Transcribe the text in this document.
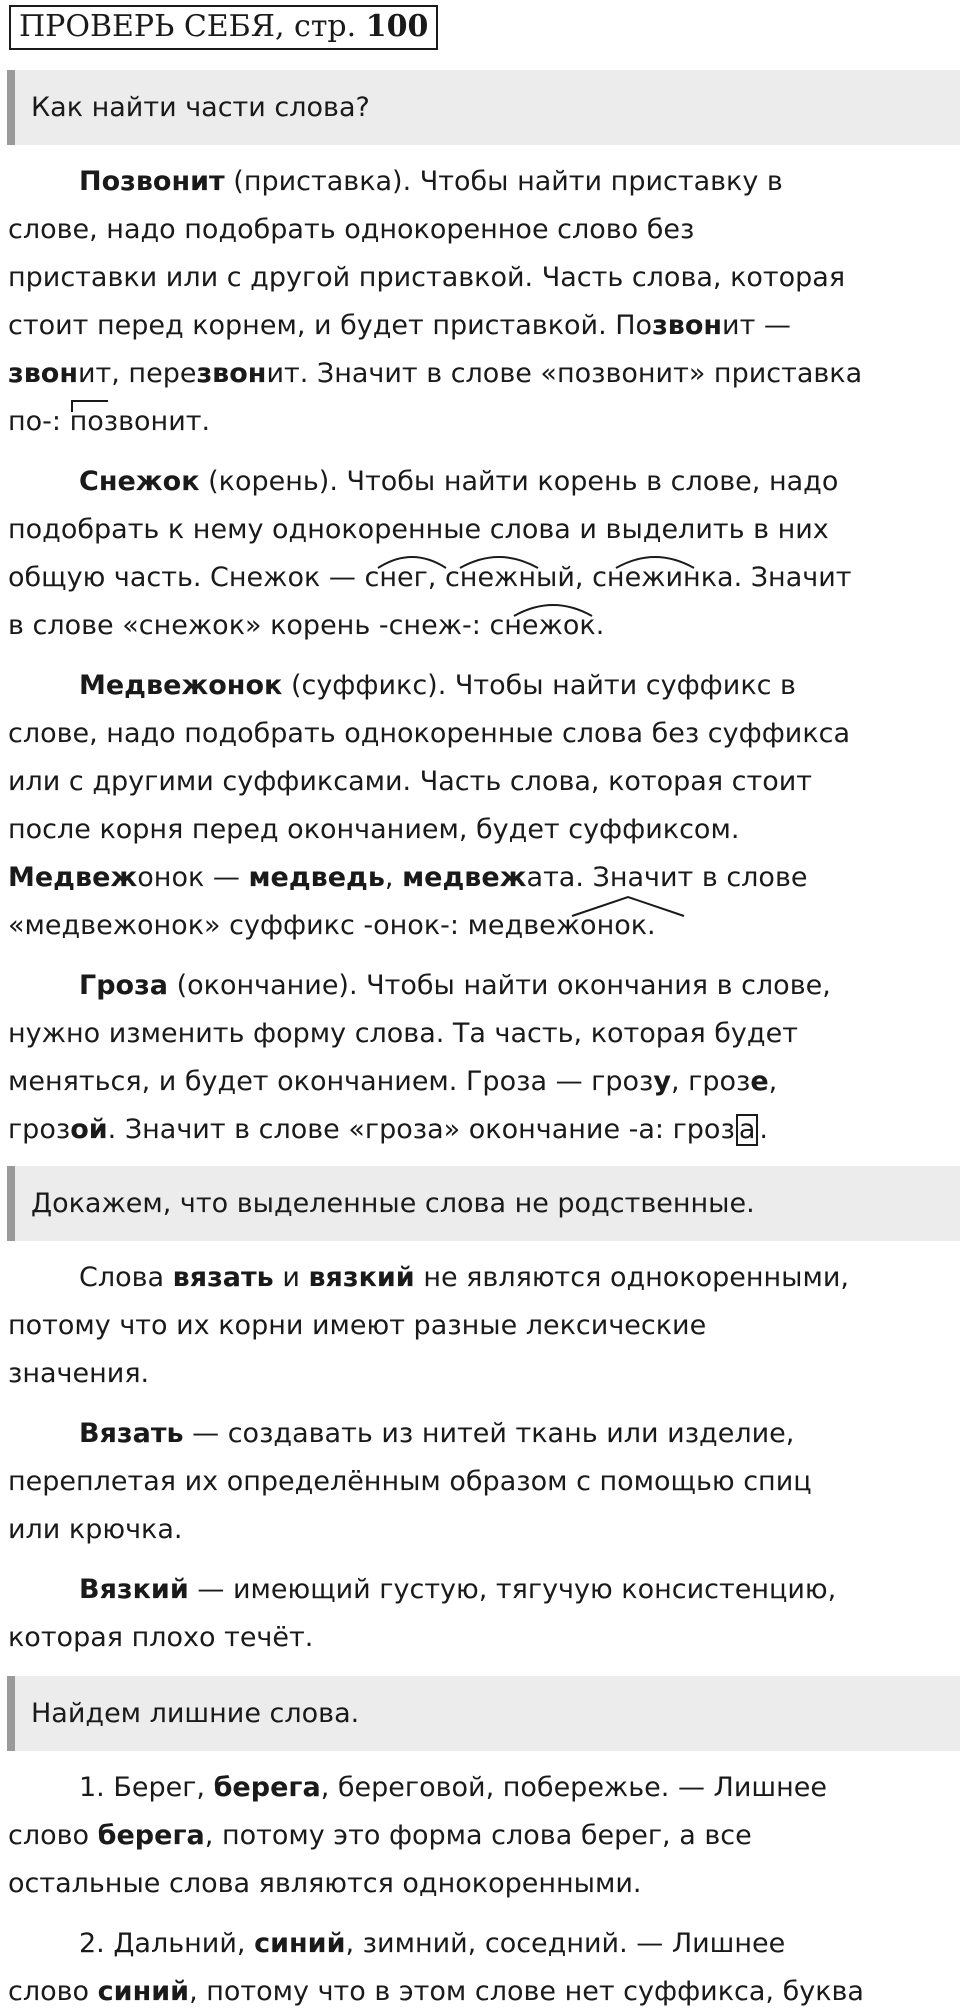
ПРОВЕРЬ СЕБЯ, стр. 100
Как найти части слова?

Позвонит (приставка). Чтобы найти приставку в

слове, надо подобрать однокоренное слово без

приставки или с другой приставкой. Часть слова, которая

стоит перед корнем, и будет приставкой. Позвонит —

звонит, перезвонит. Значит в слове «позвонит» приставка

по-: позвонит.

Снежок (корень). Чтобы найти корень в слове, надо

подобрать к нему однокоренные слова и выделить в них

общую часть. Снежок — снег, снежный, снежинка. Значит

в слове «снежок» корень -снеж-: снежок.

Медвежонок (суффикс). Чтобы найти суффикс в

слове, надо подобрать однокоренные слова без суффикса

или с другими суффиксами. Часть слова, которая стоит

после корня перед окончанием, будет суффиксом.

Медвежонок — медведь, медвежата. Значит в слове

«медвежонок» суффикс -онок-: медвежонок.

Гроза (окончание). Чтобы найти окончания в слове,

нужно изменить форму слова. Та часть, которая будет

меняться, и будет окончанием. Гроза — грозу, грозе,

грозой. Значит в слове «гроза» окончание -а: гроз а .

Докажем, что выделенные слова не родственные.

Слова вязать и вязкий не являются однокоренными,

потому что их корни имеют разные лексические

значения.

Вязать — создавать из нитей ткань или изделие,

переплетая их определённым образом с помощью спиц

или крючка.

Вязкий — имеющий густую, тягучую консистенцию,

которая плохо течёт.

Найдем лишние слова.

1. Берег, берега, береговой, побережье. — Лишнее

слово берега, потому это форма слова берег, а все

остальные слова являются однокоренными.

2. Дальний, синий, зимний, соседний. — Лишнее

слово синий, потому что в этом слове нет суффикса, буква
